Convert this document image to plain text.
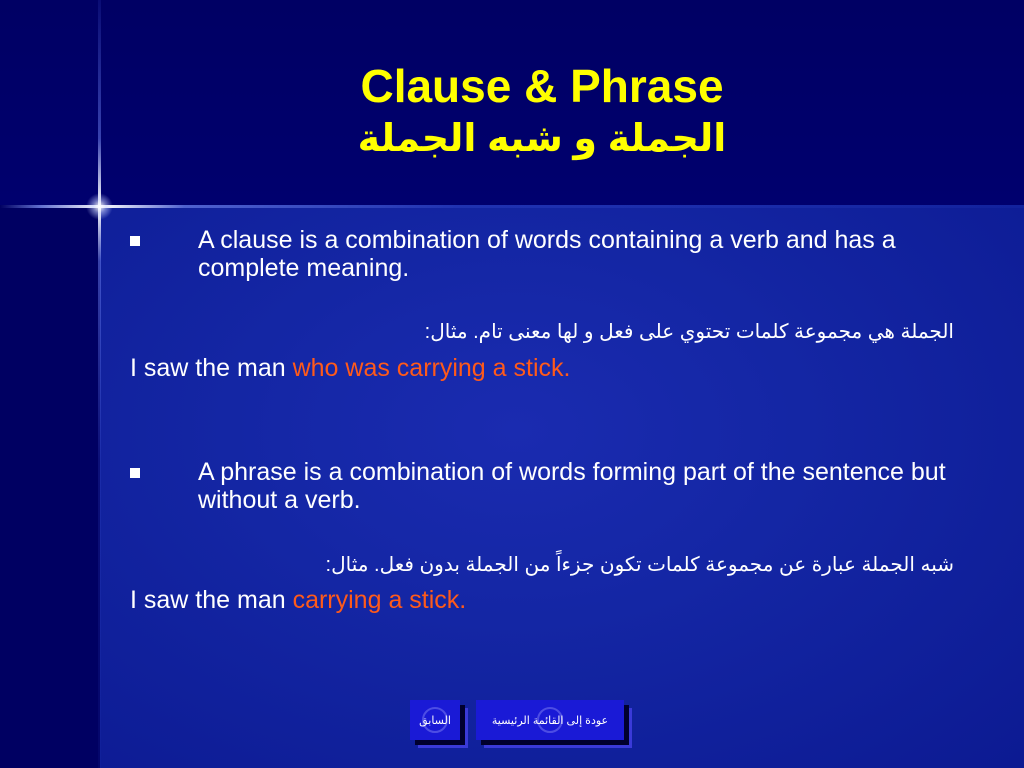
Clause & Phrase
الجملة و شبه الجملة
A clause is a combination of words containing a verb and has a complete meaning.
الجملة هي مجموعة كلمات تحتوي على فعل و لها معنى تام. مثال:
I saw the man who was carrying a stick.
A phrase is a combination of words forming part of the sentence but without a verb.
شبه الجملة عبارة عن مجموعة كلمات تكون جزءاً من الجملة بدون فعل. مثال:
I saw the man carrying a stick.
السابق	عودة إلى القائمة الرئيسية
